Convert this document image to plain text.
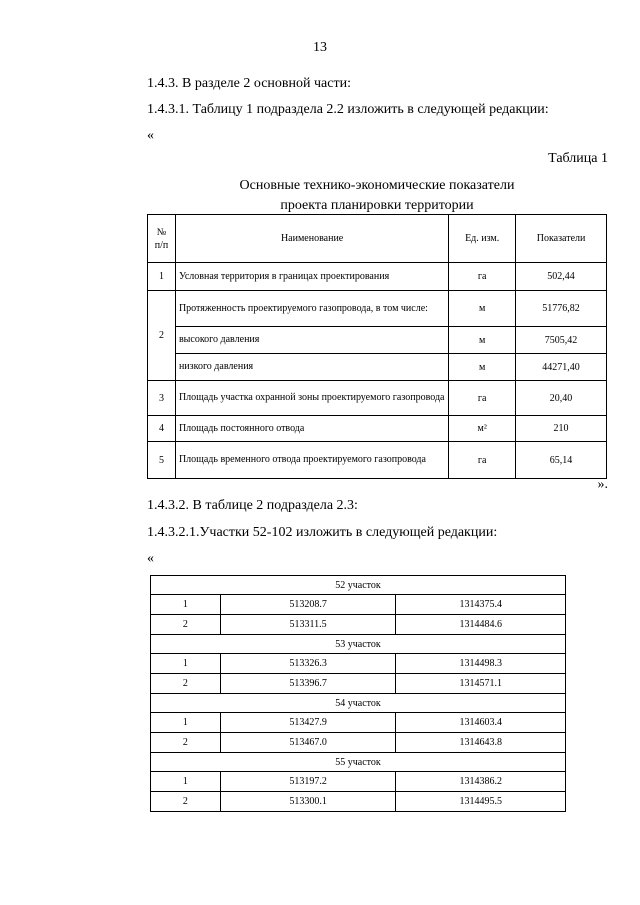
13
1.4.3. В разделе 2 основной части:
1.4.3.1. Таблицу 1 подраздела 2.2 изложить в следующей редакции:
«
Таблица 1
Основные технико-экономические показатели
проекта планировки территории
№
п/п	Наименование	Ед. изм.	Показатели
1	Условная территория в границах проектирования	га	502,44
2	Протяженность проектируемого газопровода, в том числе:	м	51776,82
	высокого давления	м	7505,42
	низкого давления	м	44271,40
3	Площадь участка охранной зоны проектируемого газопровода	га	20,40
4	Площадь постоянного отвода	м²	210
5	Площадь временного отвода проектируемого газопровода	га	65,14
».
1.4.3.2. В таблице 2 подраздела 2.3:
1.4.3.2.1.Участки 52-102 изложить в следующей редакции:
«
52 участок		
1	513208.7	1314375.4
2	513311.5	1314484.6
53 участок		
1	513326.3	1314498.3
2	513396.7	1314571.1
54 участок		
1	513427.9	1314603.4
2	513467.0	1314643.8
55 участок		
1	513197.2	1314386.2
2	513300.1	1314495.5
